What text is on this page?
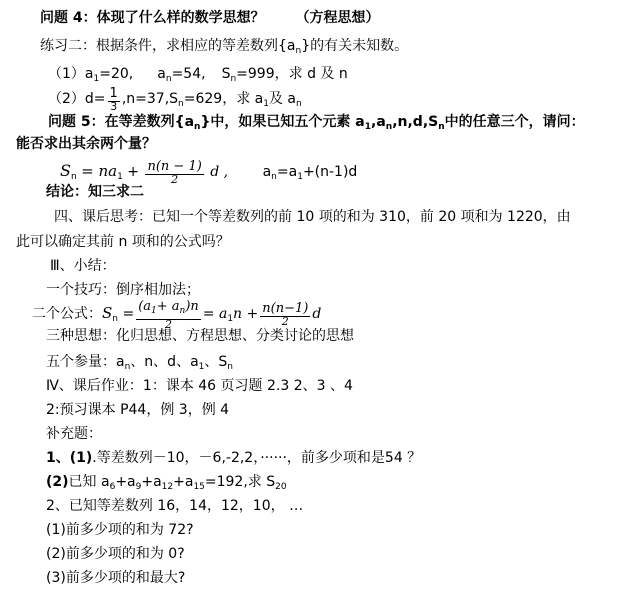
问题 4：体现了什么样的数学思想？ （方程思想）
练习二：根据条件，求相应的等差数列$\{a_n\}$的有关未知数。
$(1)a_1=20$, $a_n=54$, $S_n=999$，求 d 及 n
$(2)d= \frac{1}{3} ,n=37,S_n=629$，求 $a_1$及 $a_n$
问题 5：在等差数列$\{a_n\}$中，如果已知五个元素 $a_1,a_n,n,d,S_n$中的任意三个，请问：
能否求出其余两个量？
$S_n = na_1 + \frac{n(n - 1)}{2}$ d , $a_n=a_1+(n-1)d$
结论：知三求二
四、课后思考：已知一个等差数列的前 10 项的和为 310，前 20 项和为 1220，由
此可以确定其前 n 项和的公式吗？
Ⅲ、小结：
一个技巧：倒序相加法；
二个公式：$S_n = \frac{(a_1+ a_n)n}{2} = a_1n + \frac{n(n-1)}{2}$ d
三种思想：化归思想、方程思想、分类讨论的思想
五个参量：$a_n$、n、d、$a_1$、$S_n$
Ⅳ、课后作业：1：课本 46 页习题 2.3 2、3 、4
2:预习课本 P44，例 3，例 4
补充题：
1、(1).等差数列－10，－6,-2,2，······，前多少项和是54 ？
(2)已知 $a_6+a_9+a_{12}+a_{15}=192$,求 $S_{20}$
2、已知等差数列 16，14，12，10， …
(1)前多少项的和为 72?
(2)前多少项的和为 0?
(3)前多少项的和最大?
